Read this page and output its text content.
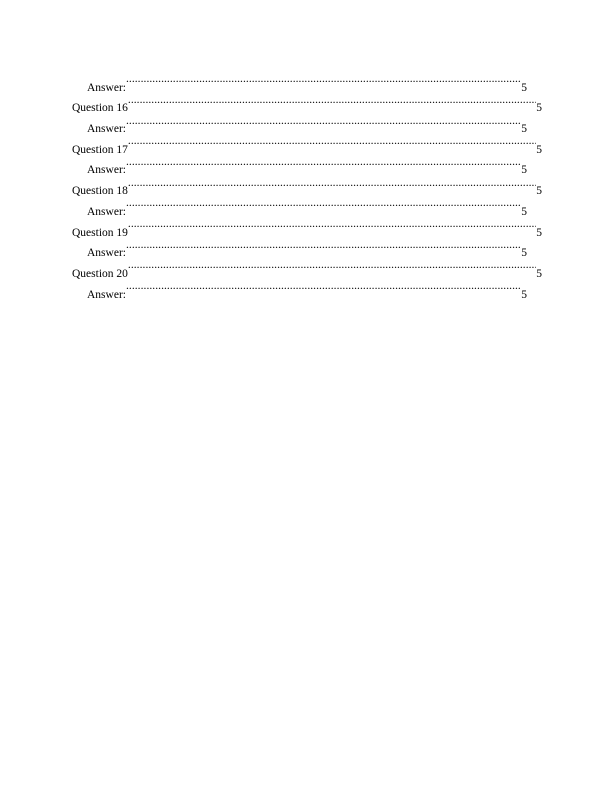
Answer: .....	5
Question 16 .....	5
Answer: .....	5
Question 17 .....	5
Answer: .....	5
Question 18 .....	5
Answer: .....	5
Question 19 .....	5
Answer: .....	5
Question 20 .....	5
Answer: .....	5
